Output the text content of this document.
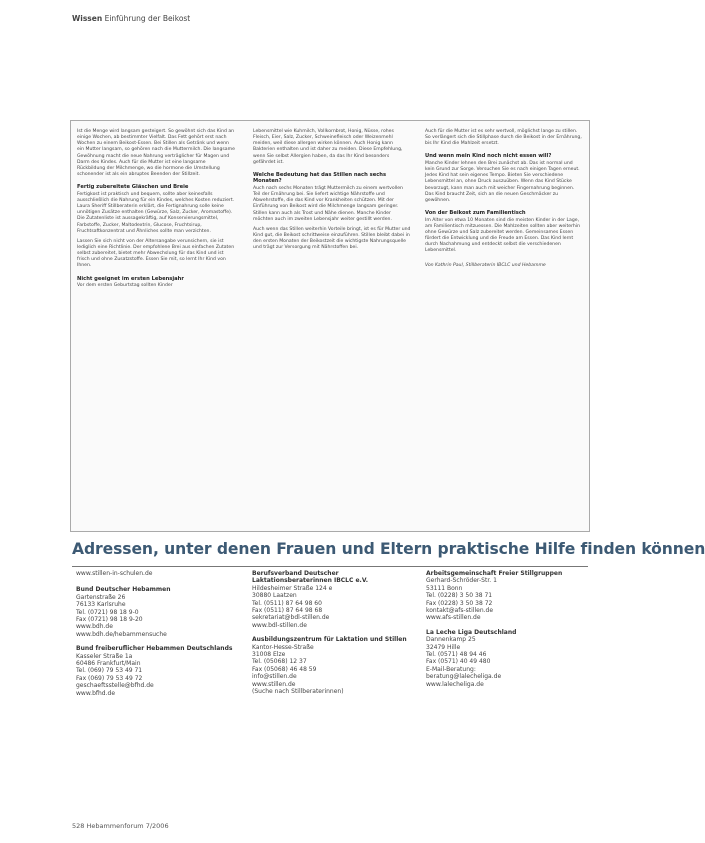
Wissen Einführung der Beikost

Ist die Menge wird langsam gesteigert. So gewöhnt sich das Kind an einige Wochen, ab bestimmter Vielfalt. Das Fett gehört erst nach Wochen zu einem Beikost-Essen. Bei Stillen als Getränk und wenn ein Mutter langsam, so gehören nach die Muttermilch. Die langsame Gewöhnung macht die neue Nahrung verträglicher für Magen und Darm des Kindes. Auch für die Mutter ist eine langsame Rückbildung der Milchmenge, wo die hormone die Umstellung schonender ist als ein abruptes Beenden der Stillzeit.

Fertig zubereitete Gläschen und Breie

Fertigkost ist praktisch und bequem, sollte aber keinesfalls ausschließlich die Nahrung für ein Kindes, welches Kosten reduziert. Laura Sheriff Stillberaterin erklärt, die Fertignahrung solle keine unnötigen Zusätze enthalten (Gewürze, Salz, Zucker, Aromastoffe). Die Zutatenliste ist aussagekräftig, auf Konservierungsmittel, Farbstoffe, Zucker, Maltodextrin, Glucose, Fruchtsirup, Fruchtsaftkonzentrat und Ähnliches sollte man verzichten.

Lassen Sie sich nicht von der Altersangabe verunsichern, sie ist lediglich eine Richtlinie. Der empfohlene Brei aus einfachen Zutaten selbst zubereitet, bietet mehr Abwechslung für das Kind und ist frisch und ohne Zusatzstoffe. Essen Sie mit, so lernt Ihr Kind von Ihnen.

Nicht geeignet im ersten Lebensjahr

Vor dem ersten Geburtstag sollten Kinder

Lebensmittel wie Kuhmilch, Vollkornbrot, Honig, Nüsse, rohes Fleisch, Eier, Salz, Zucker, Schweinefleisch oder Weizenmehl meiden, weil diese allergen wirken können. Auch Honig kann Bakterien enthalten und ist daher zu meiden. Diese Empfehlung, wenn Sie selbst Allergien haben, da das Ihr Kind besonders gefährdet ist.

Welche Bedeutung hat das Stillen nach sechs Monaten?

Auch nach sechs Monaten trägt Muttermilch zu einem wertvollen Teil der Ernährung bei. Sie liefert wichtige Nährstoffe und Abwehrstoffe, die das Kind vor Krankheiten schützen. Mit der Einführung von Beikost wird die Milchmenge langsam geringer. Stillen kann auch als Trost und Nähe dienen. Manche Kinder möchten auch im zweiten Lebensjahr weiter gestillt werden.

Auch wenn das Stillen weiterhin Vorteile bringt, ist es für Mutter und Kind gut, die Beikost schrittweise einzuführen. Stillen bleibt dabei in den ersten Monaten der Beikostzeit die wichtigste Nahrungsquelle und trägt zur Versorgung mit Nährstoffen bei.

Auch für die Mutter ist es sehr wertvoll, möglichst lange zu stillen. So verlängert sich die Stillphase durch die Beikost in der Ernährung, bis Ihr Kind die Mahlzeit ersetzt.

Und wenn mein Kind noch nicht essen will?

Manche Kinder lehnen den Brei zunächst ab. Das ist normal und kein Grund zur Sorge. Versuchen Sie es nach einigen Tagen erneut. Jedes Kind hat sein eigenes Tempo. Bieten Sie verschiedene Lebensmittel an, ohne Druck auszuüben. Wenn das Kind Stücke bevorzugt, kann man auch mit weicher Fingernahrung beginnen. Das Kind braucht Zeit, sich an die neuen Geschmäcker zu gewöhnen.

Von der Beikost zum Familientisch

Im Alter von etwa 10 Monaten sind die meisten Kinder in der Lage, am Familientisch mitzuessen. Die Mahlzeiten sollten aber weiterhin ohne Gewürze und Salz zubereitet werden. Gemeinsames Essen fördert die Entwicklung und die Freude am Essen. Das Kind lernt durch Nachahmung und entdeckt selbst die verschiedenen Lebensmittel.

Von Kathrin Paul, Stillberaterin IBCLC und Hebamme

Adressen, unter denen Frauen und Eltern praktische Hilfe finden können
www.stillen-in-schulen.de
Bund Deutscher Hebammen
Gartenstraße 26
76133 Karlsruhe
Tel. (0721) 98 18 9-0
Fax (0721) 98 18 9-20
www.bdh.de
www.bdh.de/hebammensuche
Bund freiberuflicher Hebammen Deutschlands
Kasseler Straße 1a
60486 Frankfurt/Main
Tel. (069) 79 53 49 71
Fax (069) 79 53 49 72
geschaeftsstelle@bfhd.de
www.bfhd.de
Berufsverband Deutscher Laktationsberaterinnen IBCLC e.V.
Hildesheimer Straße 124 e
30880 Laatzen
Tel. (0511) 87 64 98 60
Fax (0511) 87 64 98 68
sekretariat@bdl-stillen.de
www.bdl-stillen.de
Ausbildungszentrum für Laktation und Stillen
Kantor-Hesse-Straße
31008 Elze
Tel. (05068) 12 37
Fax (05068) 46 48 59
info@stillen.de
www.stillen.de
(Suche nach Stillberaterinnen)
Arbeitsgemeinschaft Freier Stillgruppen
Gerhard-Schröder-Str. 1
53111 Bonn
Tel. (0228) 3 50 38 71
Fax (0228) 3 50 38 72
kontakt@afs-stillen.de
www.afs-stillen.de
La Leche Liga Deutschland
Dannenkamp 25
32479 Hille
Tel. (0571) 48 94 46
Fax (0571) 40 49 480
E-Mail-Beratung:
beratung@lalecheliga.de
www.lalecheliga.de
528 Hebammenforum 7/2006
